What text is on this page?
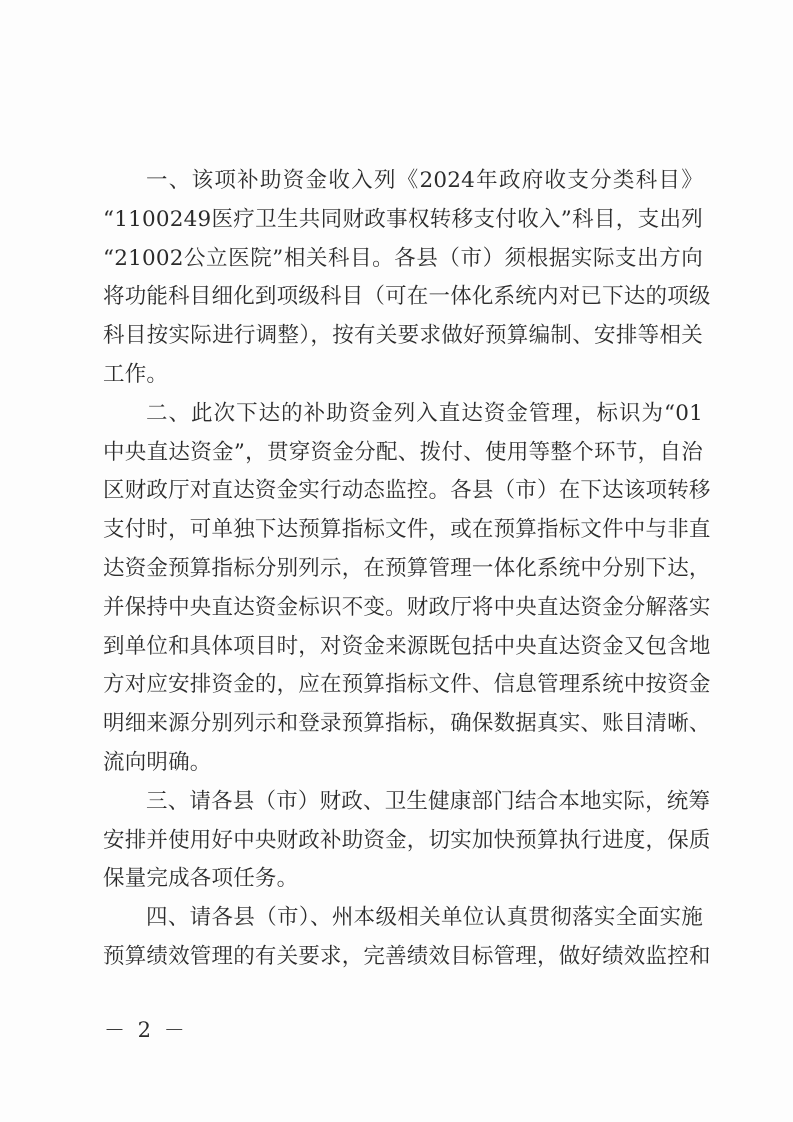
一、该项补助资金收入列《2024年政府收支分类科目》
“1100249医疗卫生共同财政事权转移支付收入”科目，支出列
“21002公立医院”相关科目。各县（市）须根据实际支出方向
将功能科目细化到项级科目（可在一体化系统内对已下达的项级
科目按实际进行调整），按有关要求做好预算编制、安排等相关
工作。
二、此次下达的补助资金列入直达资金管理，标识为“01
中央直达资金”，贯穿资金分配、拨付、使用等整个环节，自治
区财政厅对直达资金实行动态监控。各县（市）在下达该项转移
支付时，可单独下达预算指标文件，或在预算指标文件中与非直
达资金预算指标分别列示，在预算管理一体化系统中分别下达，
并保持中央直达资金标识不变。财政厅将中央直达资金分解落实
到单位和具体项目时，对资金来源既包括中央直达资金又包含地
方对应安排资金的，应在预算指标文件、信息管理系统中按资金
明细来源分别列示和登录预算指标，确保数据真实、账目清晰、
流向明确。
三、请各县（市）财政、卫生健康部门结合本地实际，统筹
安排并使用好中央财政补助资金，切实加快预算执行进度，保质
保量完成各项任务。
四、请各县（市）、州本级相关单位认真贯彻落实全面实施
预算绩效管理的有关要求，完善绩效目标管理，做好绩效监控和
－ 2 －
